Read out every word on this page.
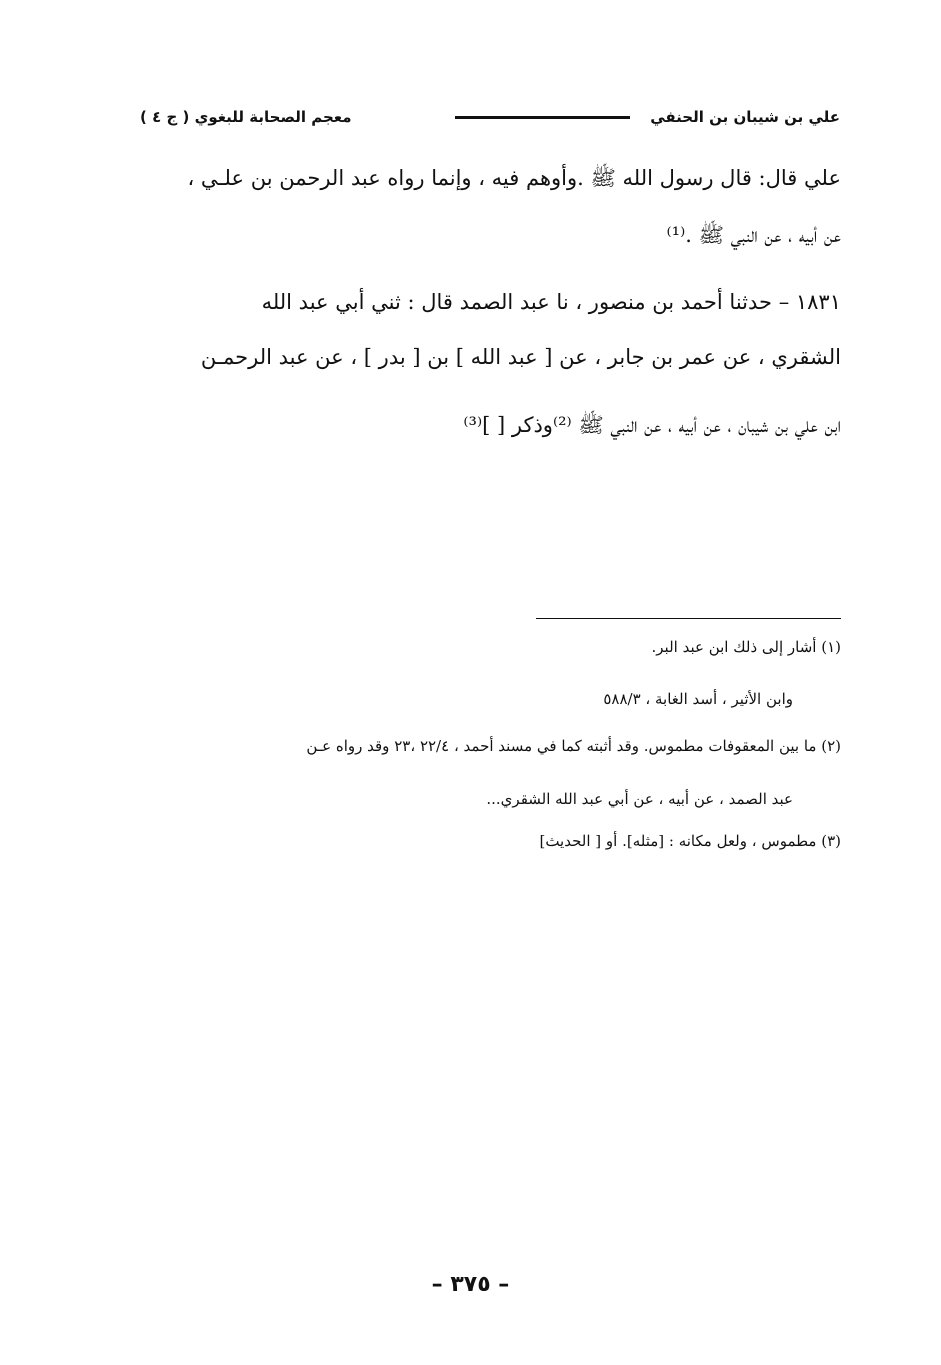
علي بن شيبان بن الحنفي
معجم الصحابة للبغوي ( ج ٤ )
علي قال: قال رسول الله ﷺ .وأوهم فيه ، وإنما رواه عبد الرحمن بن علـي ،
عن أبيه ، عن النبي ﷺ .⁽¹⁾
١٨٣١ – حدثنا أحمد بن منصور ، نا عبد الصمد قال : ثني أبي عبد الله
الشقري ، عن عمر بن جابر ، عن [ عبد الله ] بن [ بدر ] ، عن عبد الرحمـن
ابن علي بن شيبان ، عن أبيه ، عن النبي ﷺ ⁽²⁾وذكر [ ]⁽³⁾
(١) أشار إلى ذلك ابن عبد البر.
وابن الأثير ، أسد الغابة ، ٥٨٨/٣
(٢) ما بين المعقوفات مطموس. وقد أثبته كما في مسند أحمد ، ٢٢/٤ ،٢٣ وقد رواه عـن
عبد الصمد ، عن أبيه ، عن أبي عبد الله الشقري...
(٣) مطموس ، ولعل مكانه : [مثله]. أو [ الحديث]
– ٣٧٥ –
